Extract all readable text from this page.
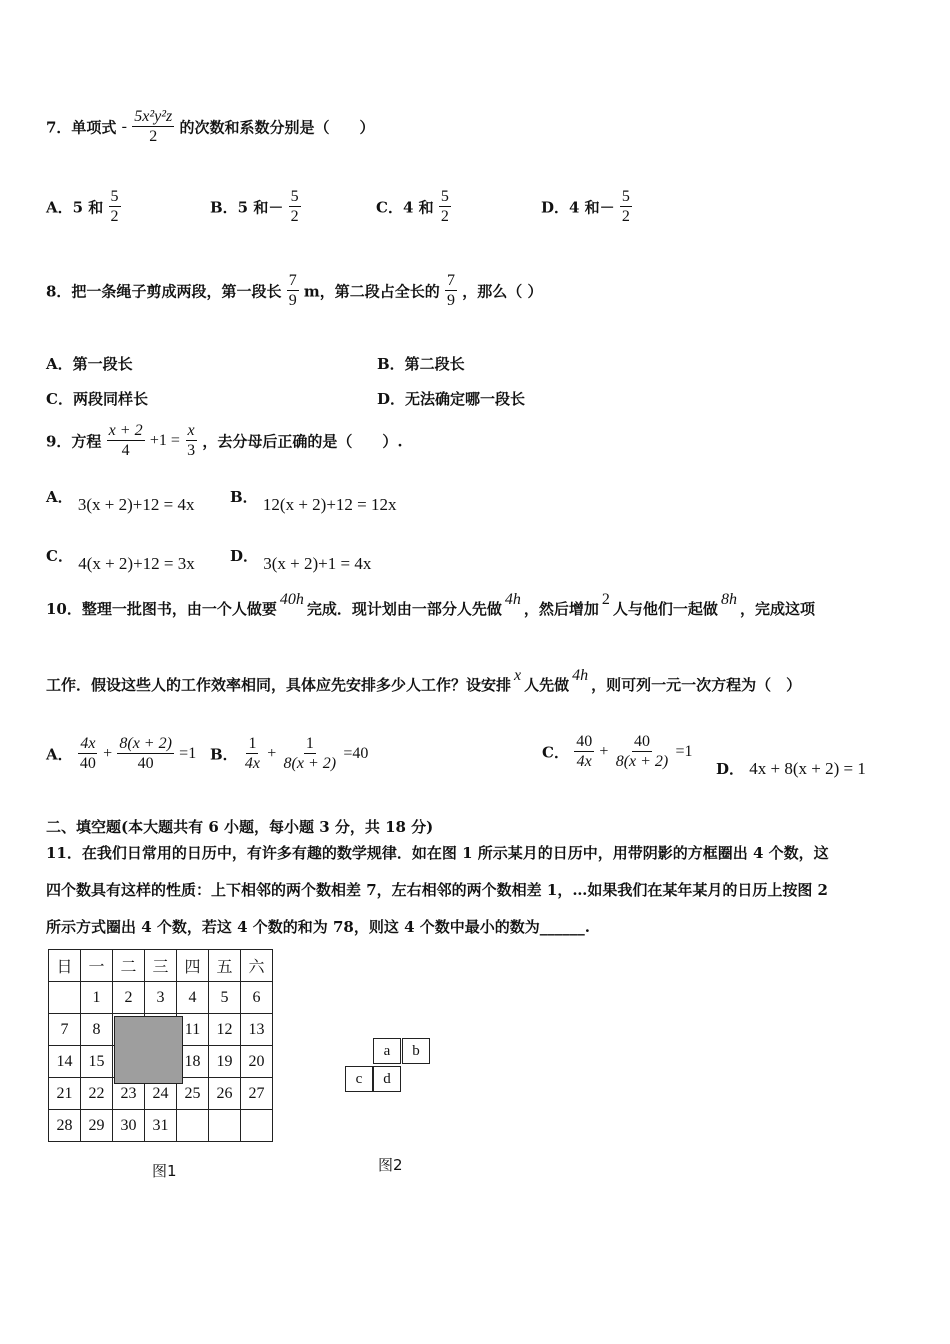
7．单项式 - $\frac{\text{5x²y²z}}{2}$ 的次数和系数分别是（　　）
A．5 和 $\frac{5}{2}$	B．5 和－ $\frac{5}{2}$	C．4 和 $\frac{5}{2}$	D．4 和－ $\frac{5}{2}$
8．把一条绳子剪成两段，第一段长 $\frac{7}{9}$ m，第二段占全长的 $\frac{7}{9}$ ，那么（ ）
A．第一段长	B．第二段长
C．两段同样长	D．无法确定哪一段长
9．方程 $\frac{x + 2}{4} +1 = \frac{x}{3}$ ，去分母后正确的是（　　）.
A． 3(x + 2)+12 = 4x B． 12(x + 2)+12 = 12x
C． 4(x + 2)+12 = 3x D． 3(x + 2)+1 = 4x
10．整理一批图书，由一个人做要40h完成．现计划由一部分人先做4h，然后增加2人与他们一起做8h，完成这项
工作．假设这些人的工作效率相同，具体应先安排多少人工作？设安排x人先做4h，则可列一元一次方程为（　）
A． $\frac{4x}{40} + \frac{8(x + 2)}{40} =1$ B． $\frac{1}{4x} + \frac{1}{8(x + 2)} =40$	C． $\frac{40}{4x} + \frac{40}{8(x + 2)} =1$
D． 4x + 8(x + 2) = 1
二、填空题(本大题共有 6 小题，每小题 3 分，共 18 分)
11．在我们日常用的日历中，有许多有趣的数学规律．如在图 1 所示某月的日历中，用带阴影的方框圈出 4 个数，这
四个数具有这样的性质：上下相邻的两个数相差 7，左右相邻的两个数相差 1，…如果我们在某年某月的日历上按图 2
所示方式圈出 4 个数，若这 4 个数的和为 78，则这 4 个数中最小的数为______.
日	一	二	三	四	五	六
	1	2	3	4	5	6
7	8			11	12	13
14	15			18	19	20
21	22	23	24	25	26	27
28	29	30	31			
图1
a	b
c	d
图2
